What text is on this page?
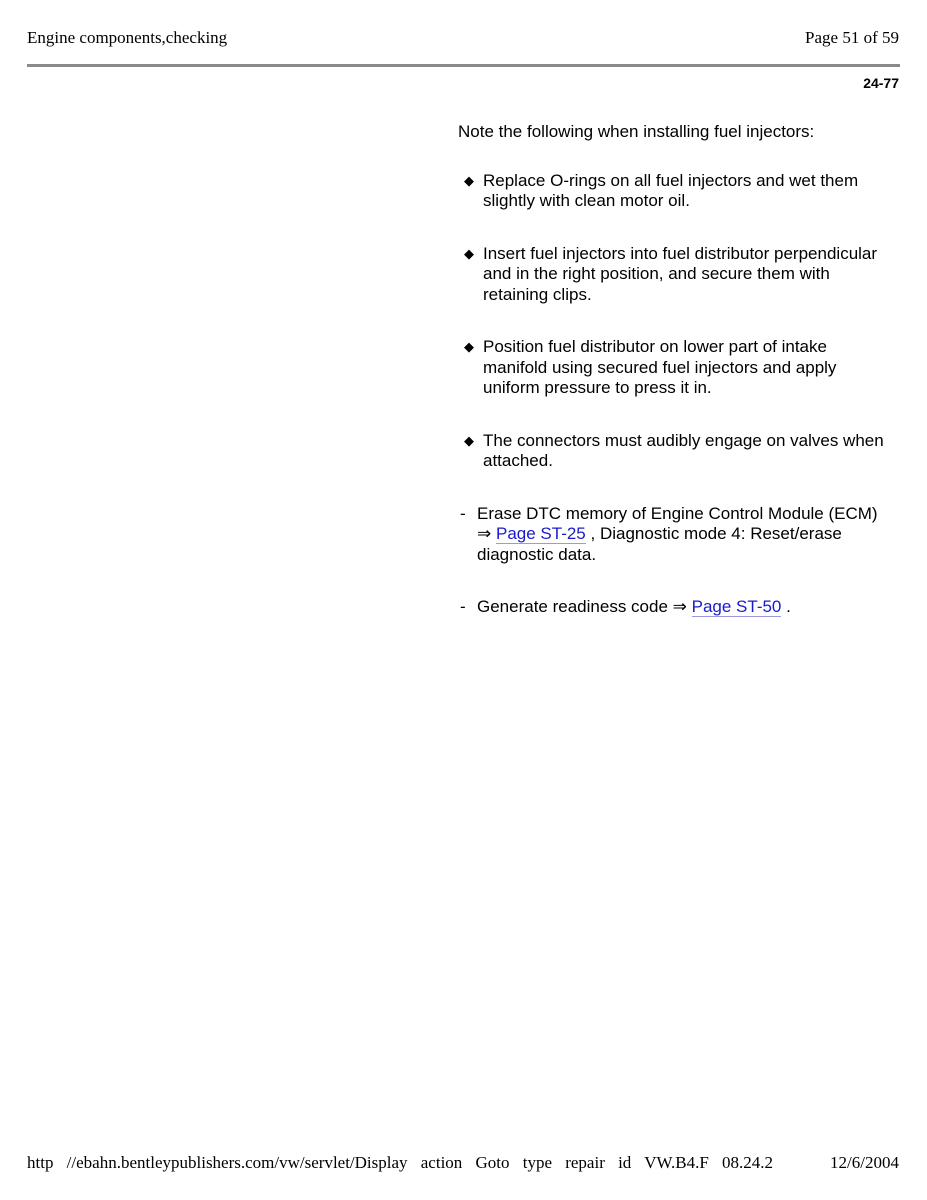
Engine components,checking	Page 51 of 59
24-77

Note the following when installing fuel injectors:

◆ Replace O-rings on all fuel injectors and wet them slightly with clean motor oil.
◆ Insert fuel injectors into fuel distributor perpendicular and in the right position, and secure them with retaining clips.
◆ Position fuel distributor on lower part of intake manifold using secured fuel injectors and apply uniform pressure to press it in.
◆ The connectors must audibly engage on valves when attached.
- Erase DTC memory of Engine Control Module (ECM) ⇒ Page ST-25 , Diagnostic mode 4: Reset/erase diagnostic data.
- Generate readiness code ⇒ Page ST-50 .
http //ebahn.bentleypublishers.com/vw/servlet/Display action Goto type repair id VW.B4.F 08.24.2	12/6/2004
